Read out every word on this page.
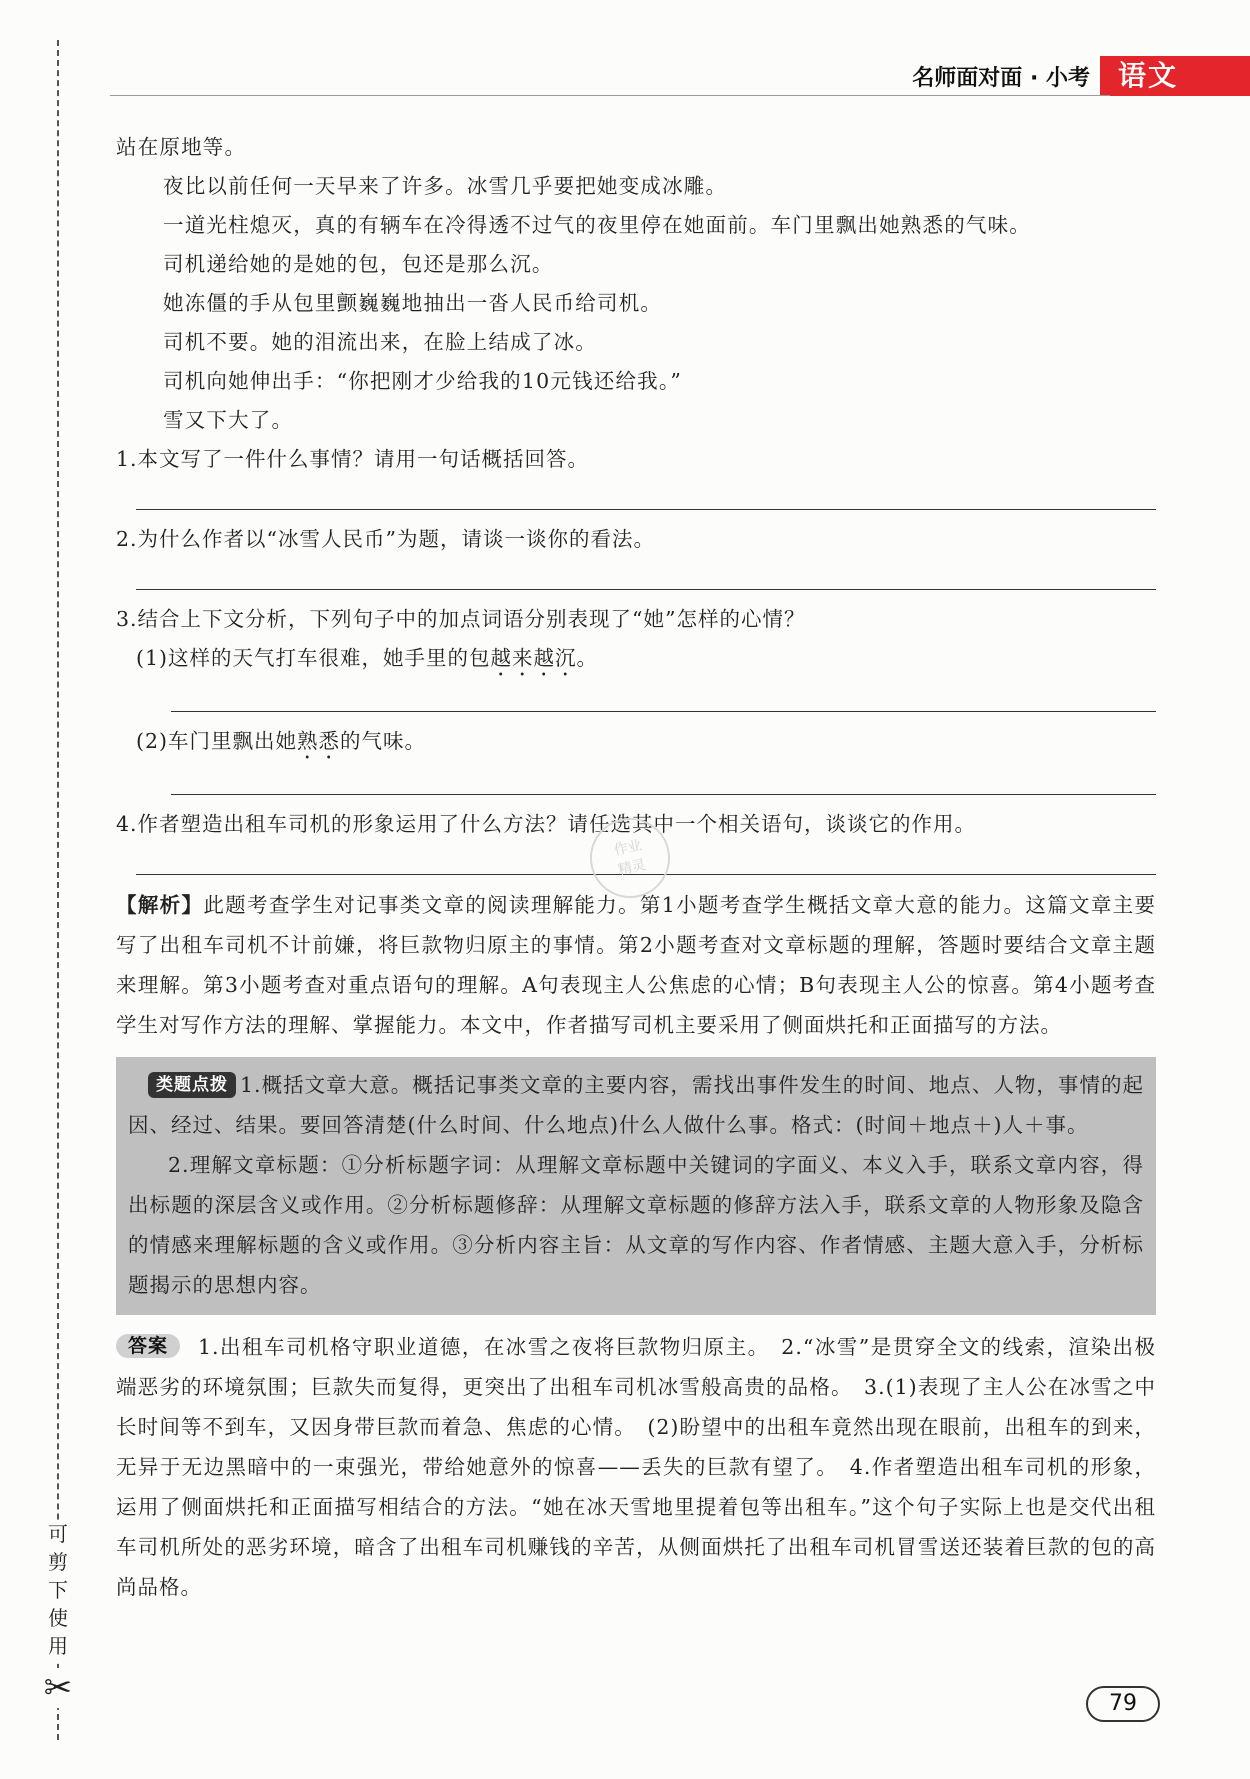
可剪下使用
✂
名师面对面 · 小考	语文

站在原地等。

夜比以前任何一天早来了许多。冰雪几乎要把她变成冰雕。

一道光柱熄灭，真的有辆车在冷得透不过气的夜里停在她面前。车门里飘出她熟悉的气味。

司机递给她的是她的包，包还是那么沉。

她冻僵的手从包里颤巍巍地抽出一沓人民币给司机。

司机不要。她的泪流出来，在脸上结成了冰。

司机向她伸出手：“你把刚才少给我的10元钱还给我。”

雪又下大了。

1.本文写了一件什么事情？请用一句话概括回答。

2.为什么作者以“冰雪人民币”为题，请谈一谈你的看法。

3.结合上下文分析，下列句子中的加点词语分别表现了“她”怎样的心情？

(1)这样的天气打车很难，她手里的包越来越沉。

(2)车门里飘出她熟悉的气味。

4.作者塑造出租车司机的形象运用了什么方法？请任选其中一个相关语句，谈谈它的作用。

【解析】此题考查学生对记事类文章的阅读理解能力。第1小题考查学生概括文章大意的能力。这篇文章主要写了出租车司机不计前嫌，将巨款物归原主的事情。第2小题考查对文章标题的理解，答题时要结合文章主题来理解。第3小题考查对重点语句的理解。A句表现主人公焦虑的心情；B句表现主人公的惊喜。第4小题考查学生对写作方法的理解、掌握能力。本文中，作者描写司机主要采用了侧面烘托和正面描写的方法。

类题点拨 1.概括文章大意。概括记事类文章的主要内容，需找出事件发生的时间、地点、人物，事情的起因、经过、结果。要回答清楚(什么时间、什么地点)什么人做什么事。格式：(时间＋地点＋)人＋事。

2.理解文章标题：①分析标题字词：从理解文章标题中关键词的字面义、本义入手，联系文章内容，得出标题的深层含义或作用。②分析标题修辞：从理解文章标题的修辞方法入手，联系文章的人物形象及隐含的情感来理解标题的含义或作用。③分析内容主旨：从文章的写作内容、作者情感、主题大意入手，分析标题揭示的思想内容。

答案 1.出租车司机格守职业道德，在冰雪之夜将巨款物归原主。　2.“冰雪”是贯穿全文的线索，渲染出极端恶劣的环境氛围；巨款失而复得，更突出了出租车司机冰雪般高贵的品格。　3.(1)表现了主人公在冰雪之中长时间等不到车，又因身带巨款而着急、焦虑的心情。　(2)盼望中的出租车竟然出现在眼前，出租车的到来，无异于无边黑暗中的一束强光，带给她意外的惊喜——丢失的巨款有望了。　4.作者塑造出租车司机的形象，运用了侧面烘托和正面描写相结合的方法。“她在冰天雪地里提着包等出租车。”这个句子实际上也是交代出租车司机所处的恶劣环境，暗含了出租车司机赚钱的辛苦，从侧面烘托了出租车司机冒雪送还装着巨款的包的高尚品格。

作业
精灵
79
